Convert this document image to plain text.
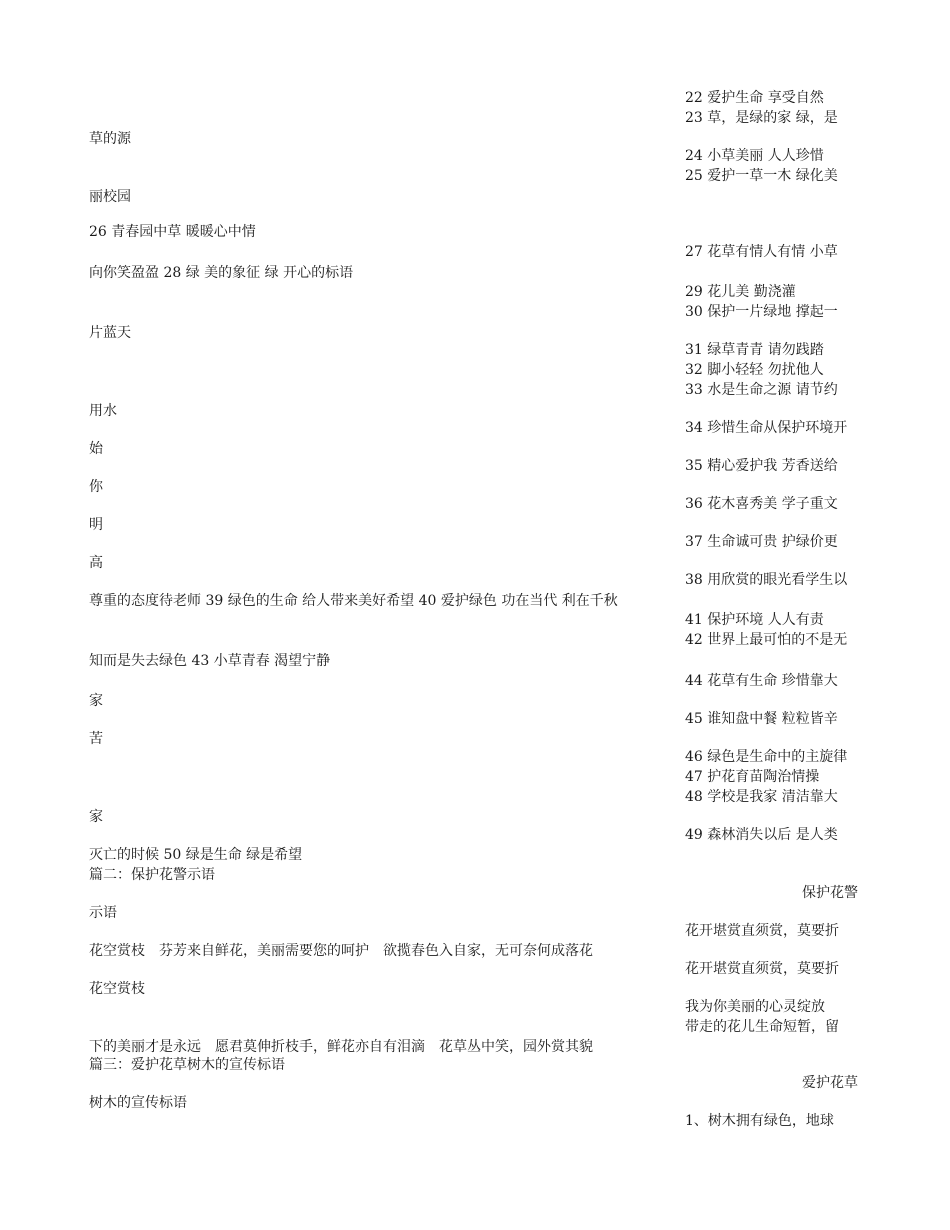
草的源
丽校园
26 青春园中草 暖暖心中情
向你笑盈盈 28 绿 美的象征 绿 开心的标语
片蓝天
用水
始
你
明
高
尊重的态度待老师 39 绿色的生命 给人带来美好希望 40 爱护绿色 功在当代 利在千秋
知而是失去绿色 43 小草青春 渴望宁静
家
苦
家
灭亡的时候 50 绿是生命 绿是希望
篇二：保护花警示语
示语
花空赏枝　芬芳来自鲜花，美丽需要您的呵护　欲揽春色入自家，无可奈何成落花
花空赏枝
下的美丽才是永远　愿君莫伸折枝手，鲜花亦自有泪滴　花草丛中笑，园外赏其貌
篇三：爱护花草树木的宣传标语
树木的宣传标语
22 爱护生命 享受自然
23 草，是绿的家 绿，是
24 小草美丽 人人珍惜
25 爱护一草一木 绿化美
27 花草有情人有情 小草
29 花儿美 勤浇灌
30 保护一片绿地 撑起一
31 绿草青青 请勿践踏
32 脚小轻轻 勿扰他人
33 水是生命之源 请节约
34 珍惜生命从保护环境开
35 精心爱护我 芳香送给
36 花木喜秀美 学子重文
37 生命诚可贵 护绿价更
38 用欣赏的眼光看学生以
41 保护环境 人人有责
42 世界上最可怕的不是无
44 花草有生命 珍惜靠大
45 谁知盘中餐 粒粒皆辛
46 绿色是生命中的主旋律
47 护花育苗陶治情操
48 学校是我家 清洁靠大
49 森林消失以后 是人类
保护花警
花开堪赏直须赏，莫要折
花开堪赏直须赏，莫要折
我为你美丽的心灵绽放
带走的花儿生命短暂，留
爱护花草
1、树木拥有绿色，地球
